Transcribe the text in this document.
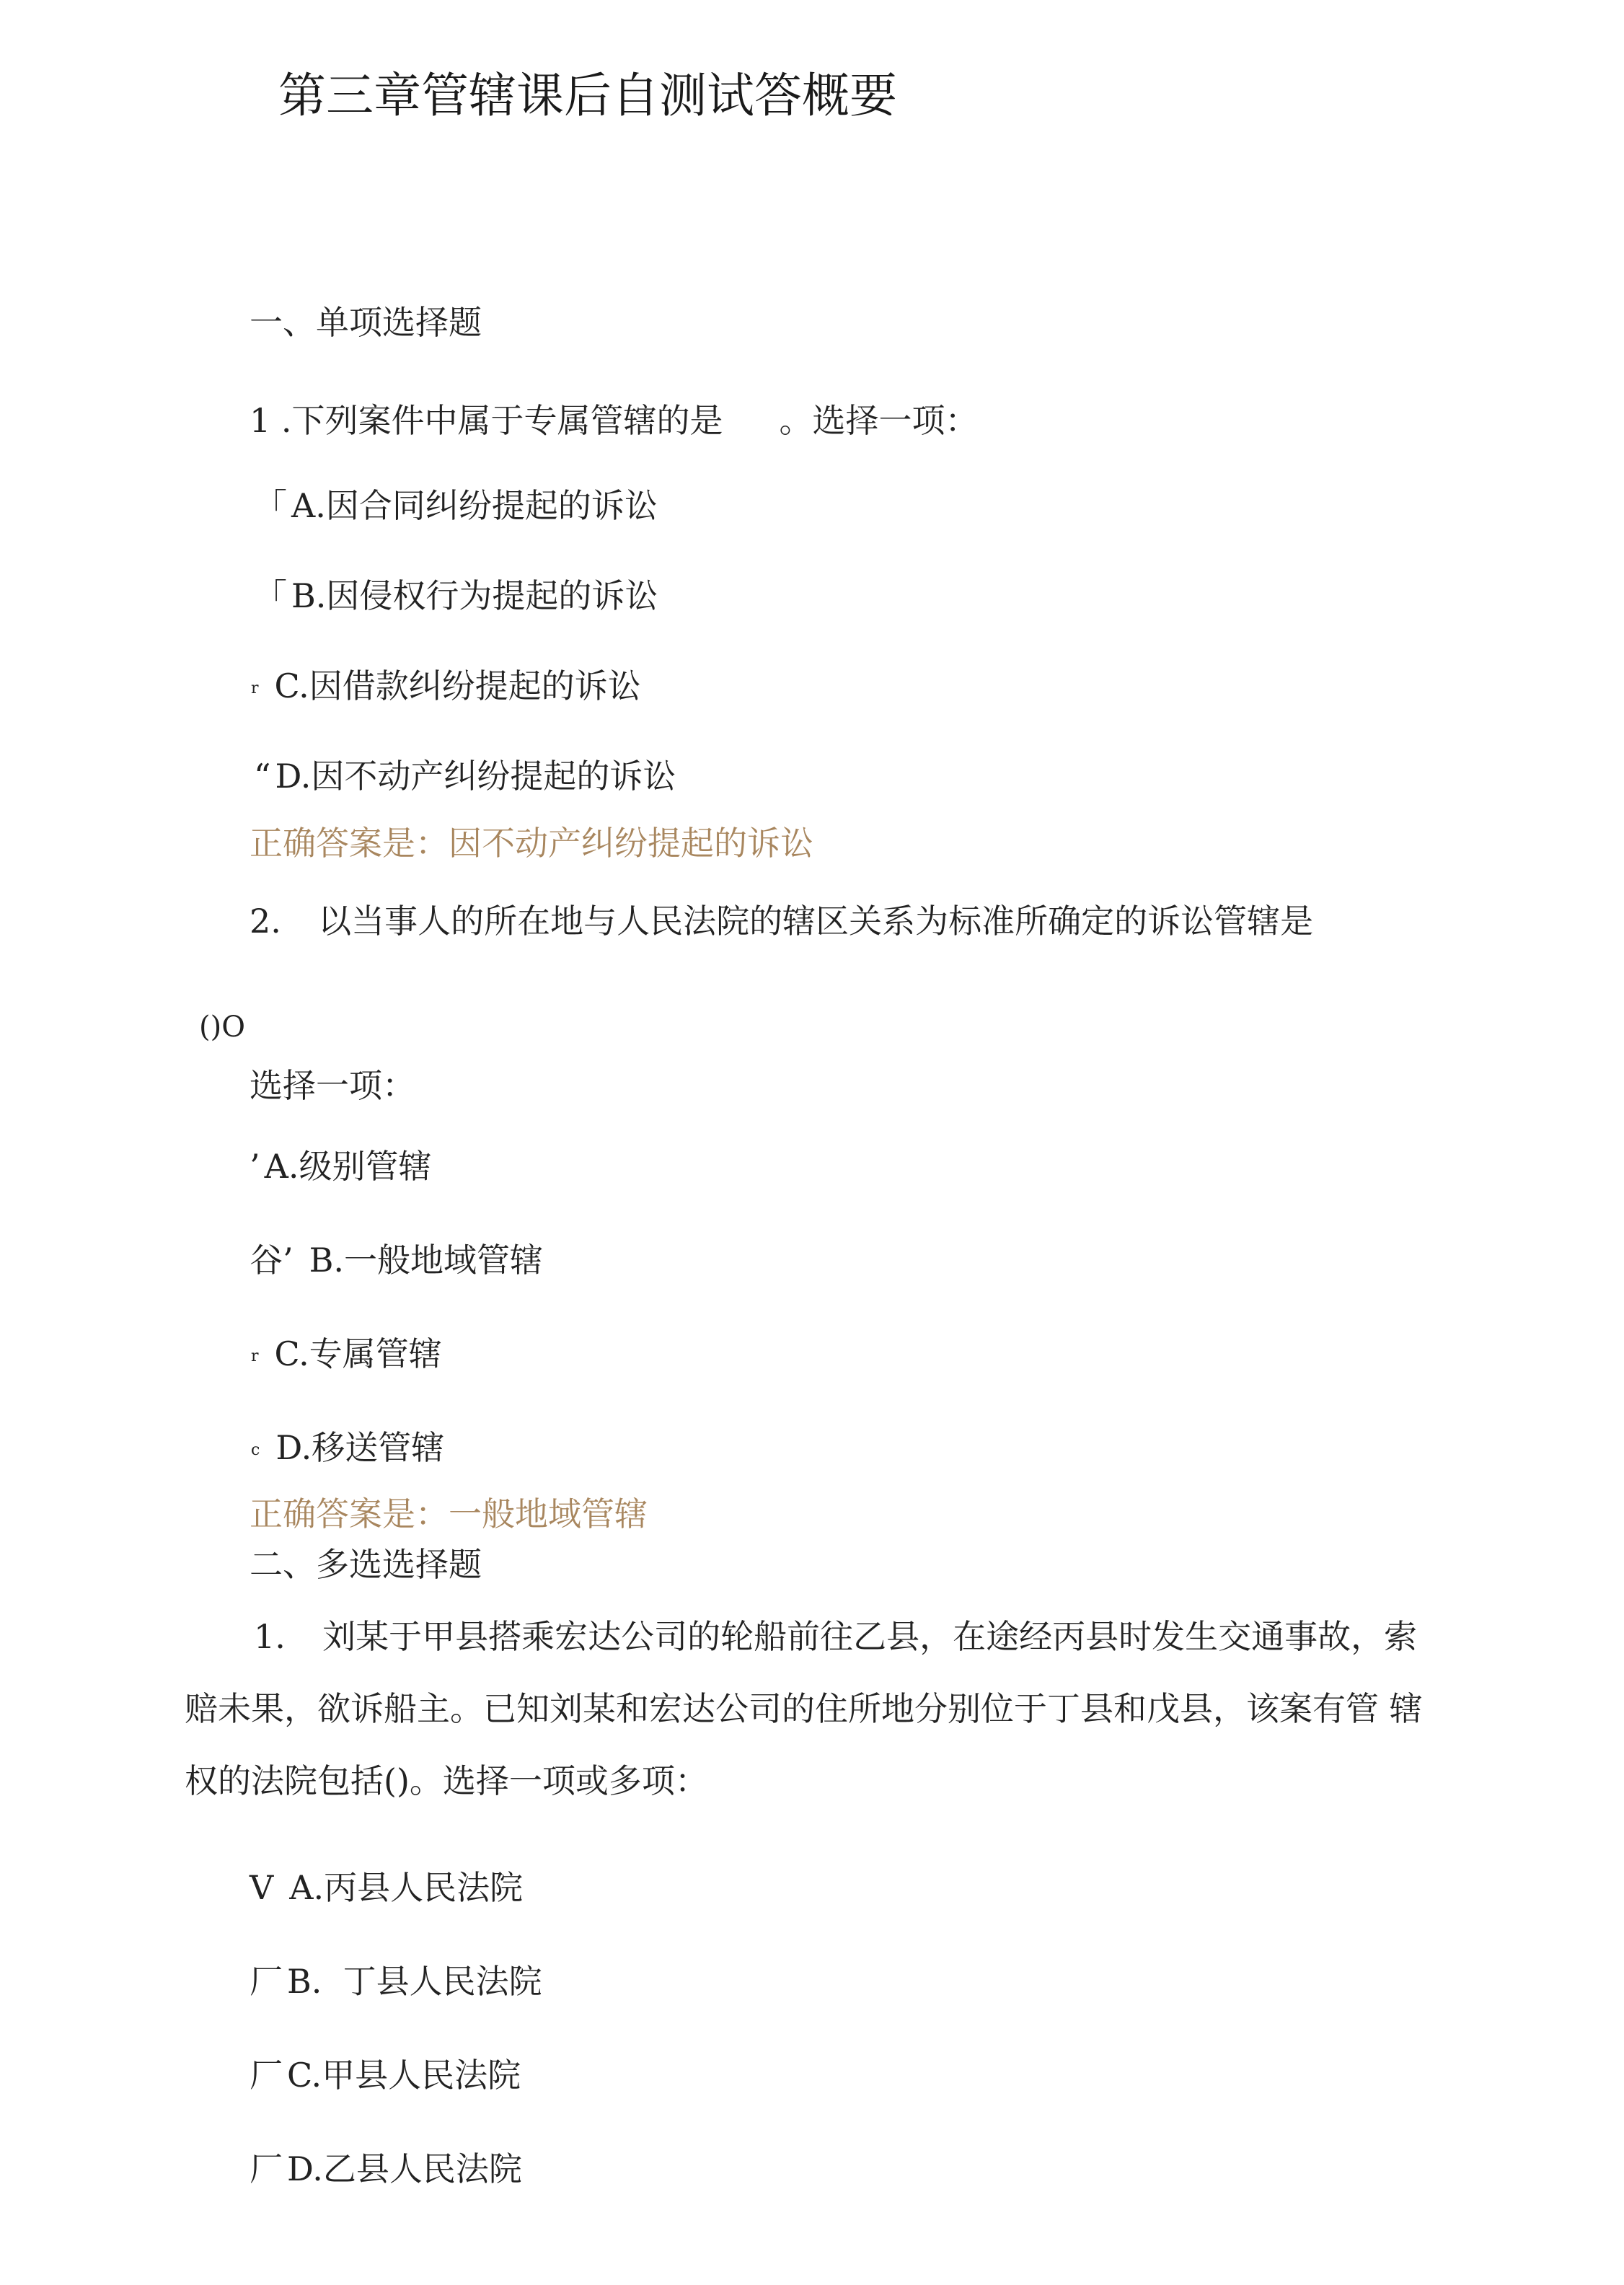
第三章管辖课后自测试答概要
一、单项选择题
1 .下列案件中属于专属管辖的是 。选择一项：
「 A.因合同纠纷提起的诉讼
「 B.因侵权行为提起的诉讼
r C.因借款纠纷提起的诉讼
“ D.因不动产纠纷提起的诉讼
正确答案是：因不动产纠纷提起的诉讼
2. 以当事人的所在地与人民法院的辖区关系为标准所确定的诉讼管辖是
()O
选择一项：
’ A.级别管辖
谷’ B.一般地域管辖
r C.专属管辖
c D.移送管辖
正确答案是：一般地域管辖
二、多选选择题
1. 刘某于甲县搭乘宏达公司的轮船前往乙县，在途经丙县时发生交通事故，索
赔未果，欲诉船主。已知刘某和宏达公司的住所地分别位于丁县和戊县，该案有管 辖
权的法院包括()。选择一项或多项：
V A.丙县人民法院
厂 B.  丁县人民法院
厂 C.甲县人民法院
厂 D.乙县人民法院
